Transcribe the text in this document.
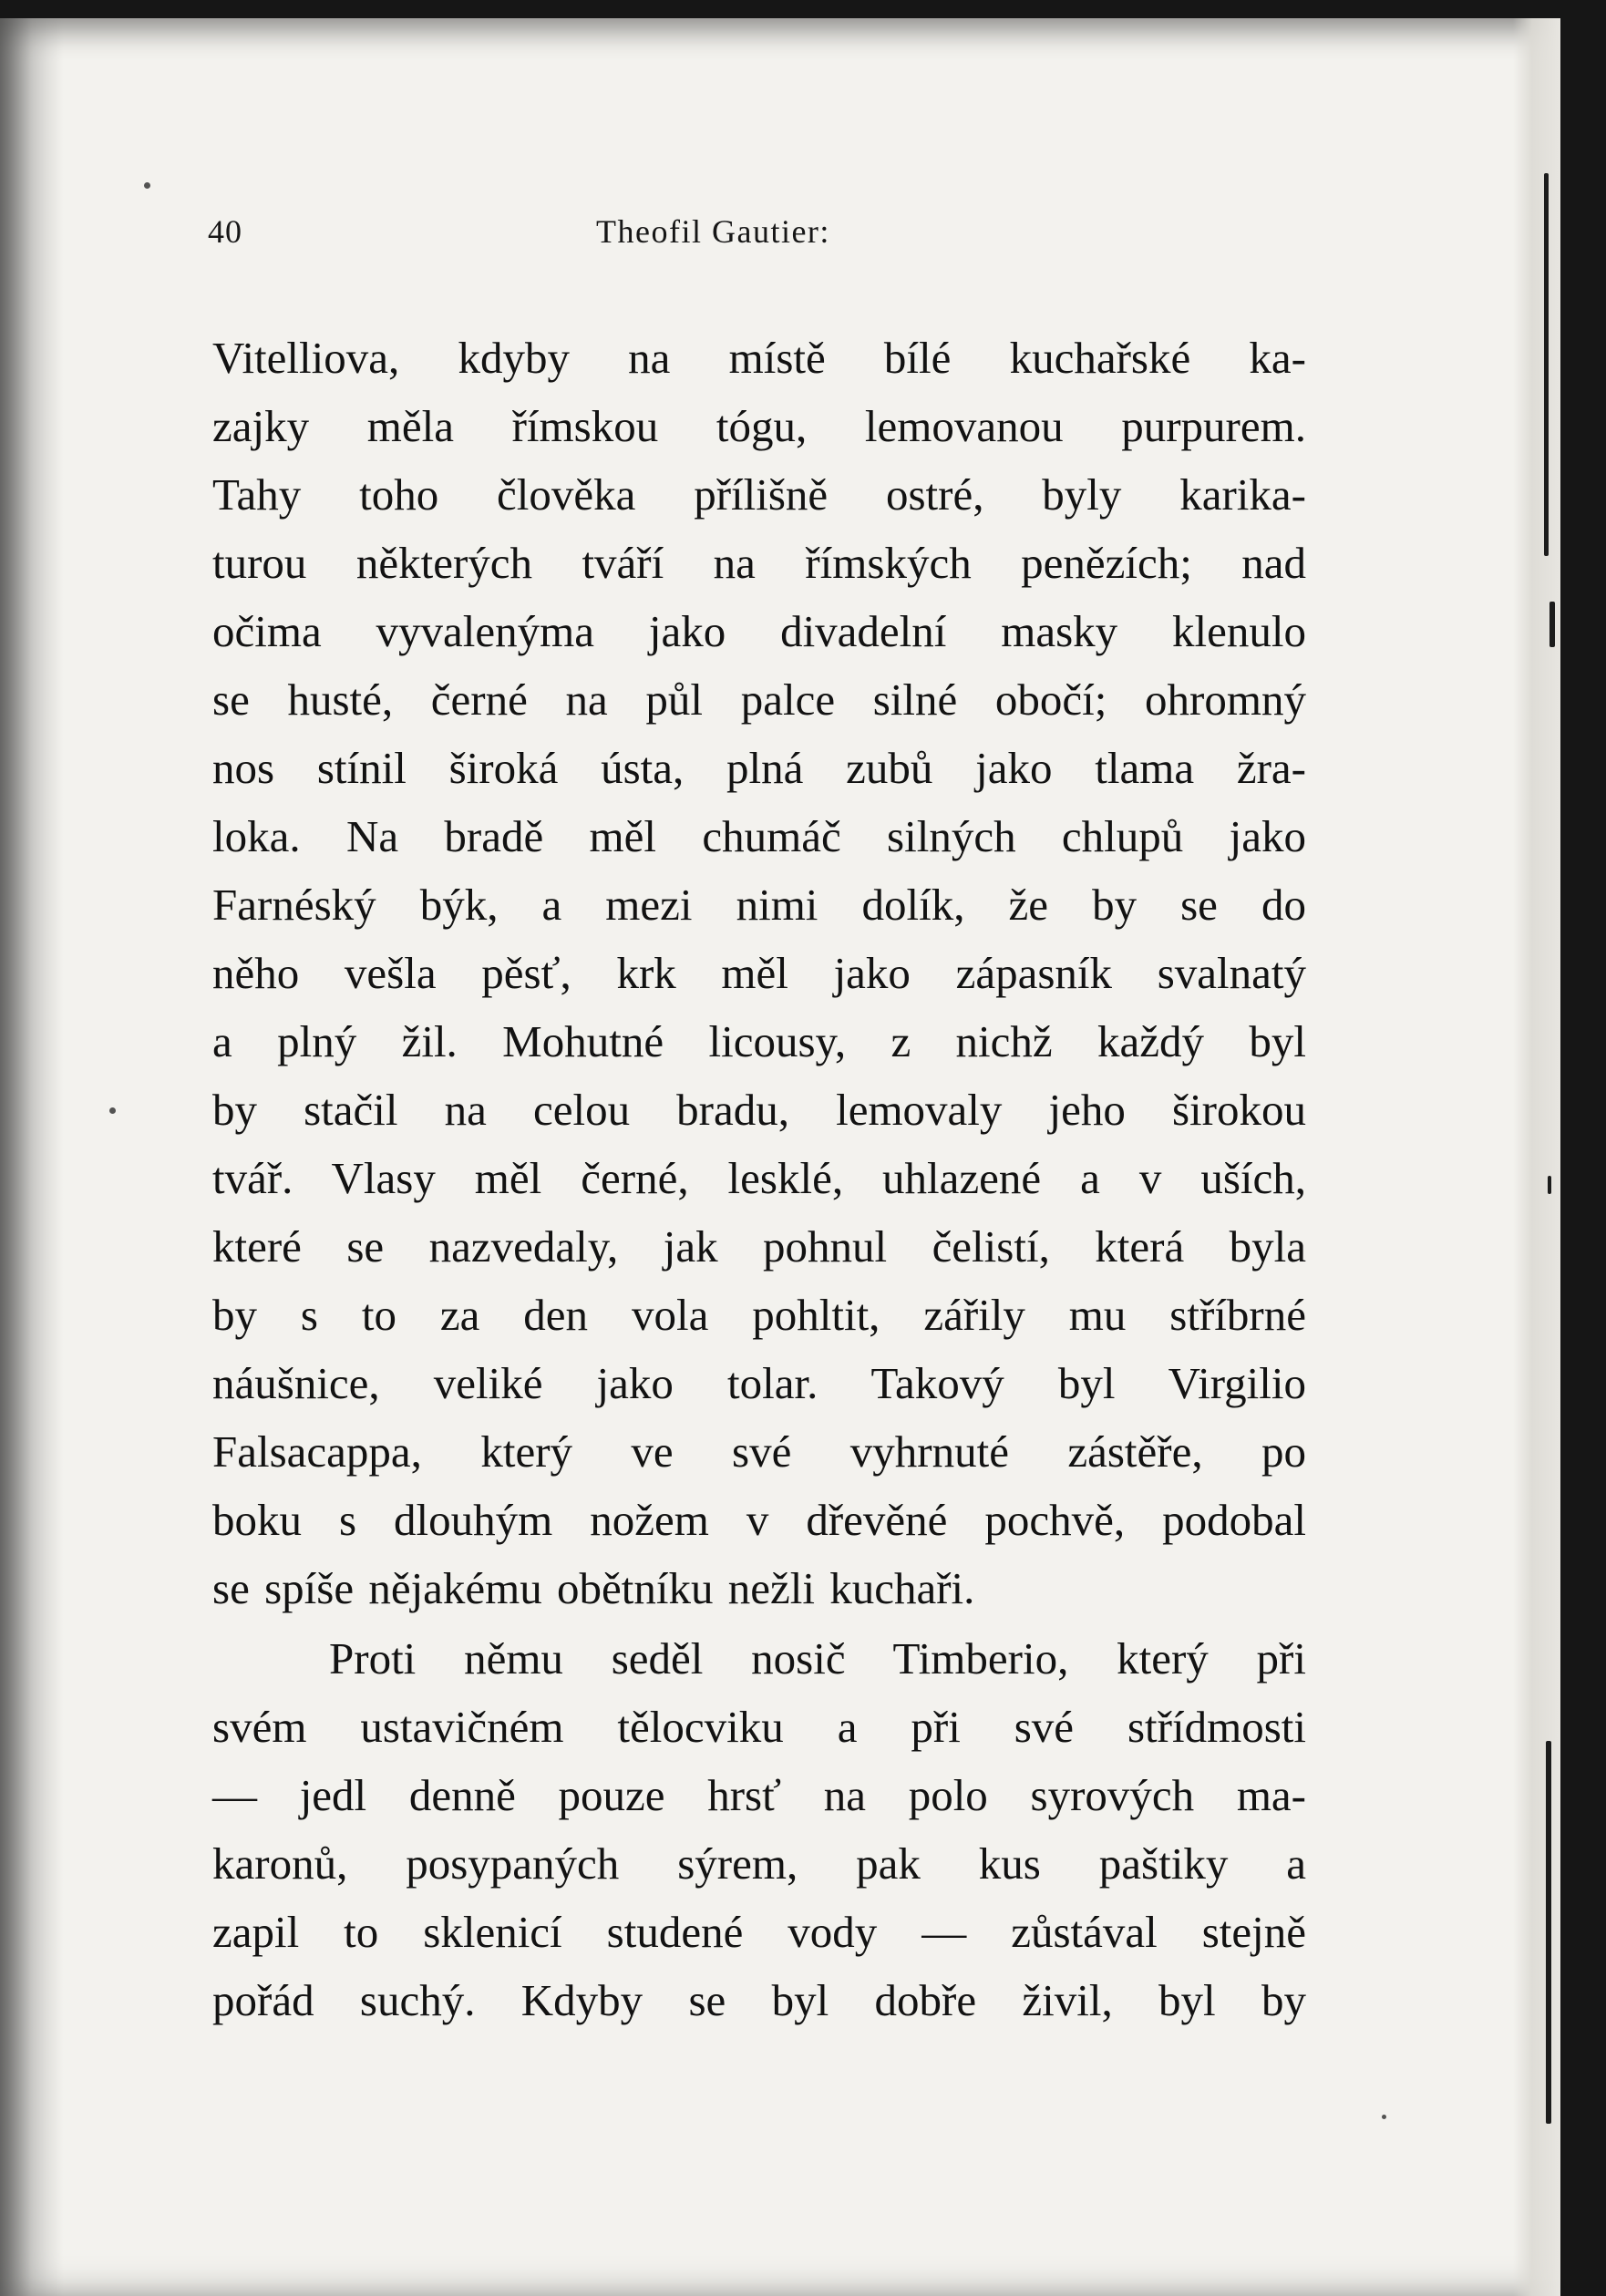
40	Theofil Gautier:
Vitelliova, kdyby na místě bílé kuchařské ka-
zajky měla římskou tógu, lemovanou purpurem.
Tahy toho člověka přílišně ostré, byly karika-
turou některých tváří na římských penězích; nad
očima vyvalenýma jako divadelní masky klenulo
se husté, černé na půl palce silné obočí; ohromný
nos stínil široká ústa, plná zubů jako tlama žra-
loka. Na bradě měl chumáč silných chlupů jako
Farnéský býk, a mezi nimi dolík, že by se do
něho vešla pěsť, krk měl jako zápasník svalnatý
a plný žil. Mohutné licousy, z nichž každý byl
by stačil na celou bradu, lemovaly jeho širokou
tvář. Vlasy měl černé, lesklé, uhlazené a v uších,
které se nazvedaly, jak pohnul čelistí, která byla
by s to za den vola pohltit, zářily mu stříbrné
náušnice, veliké jako tolar. Takový byl Virgilio
Falsacappa, který ve své vyhrnuté zástěře, po
boku s dlouhým nožem v dřevěné pochvě, podobal
se spíše nějakému obětníku nežli kuchaři.
Proti němu seděl nosič Timberio, který při
svém ustavičném tělocviku a při své střídmosti
— jedl denně pouze hrsť na polo syrových ma-
karonů, posypaných sýrem, pak kus paštiky a
zapil to sklenicí studené vody — zůstával stejně
pořád suchý. Kdyby se byl dobře živil, byl by
